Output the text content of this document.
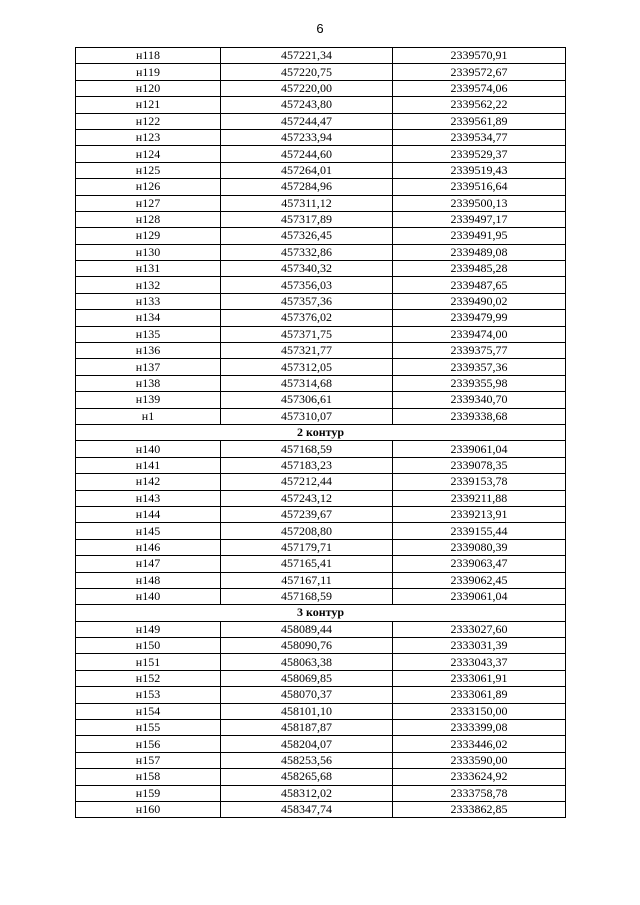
6
н118	457221,34	2339570,91
н119	457220,75	2339572,67
н120	457220,00	2339574,06
н121	457243,80	2339562,22
н122	457244,47	2339561,89
н123	457233,94	2339534,77
н124	457244,60	2339529,37
н125	457264,01	2339519,43
н126	457284,96	2339516,64
н127	457311,12	2339500,13
н128	457317,89	2339497,17
н129	457326,45	2339491,95
н130	457332,86	2339489,08
н131	457340,32	2339485,28
н132	457356,03	2339487,65
н133	457357,36	2339490,02
н134	457376,02	2339479,99
н135	457371,75	2339474,00
н136	457321,77	2339375,77
н137	457312,05	2339357,36
н138	457314,68	2339355,98
н139	457306,61	2339340,70
н1	457310,07	2339338,68
2 контур		
н140	457168,59	2339061,04
н141	457183,23	2339078,35
н142	457212,44	2339153,78
н143	457243,12	2339211,88
н144	457239,67	2339213,91
н145	457208,80	2339155,44
н146	457179,71	2339080,39
н147	457165,41	2339063,47
н148	457167,11	2339062,45
н140	457168,59	2339061,04
3 контур		
н149	458089,44	2333027,60
н150	458090,76	2333031,39
н151	458063,38	2333043,37
н152	458069,85	2333061,91
н153	458070,37	2333061,89
н154	458101,10	2333150,00
н155	458187,87	2333399,08
н156	458204,07	2333446,02
н157	458253,56	2333590,00
н158	458265,68	2333624,92
н159	458312,02	2333758,78
н160	458347,74	2333862,85
